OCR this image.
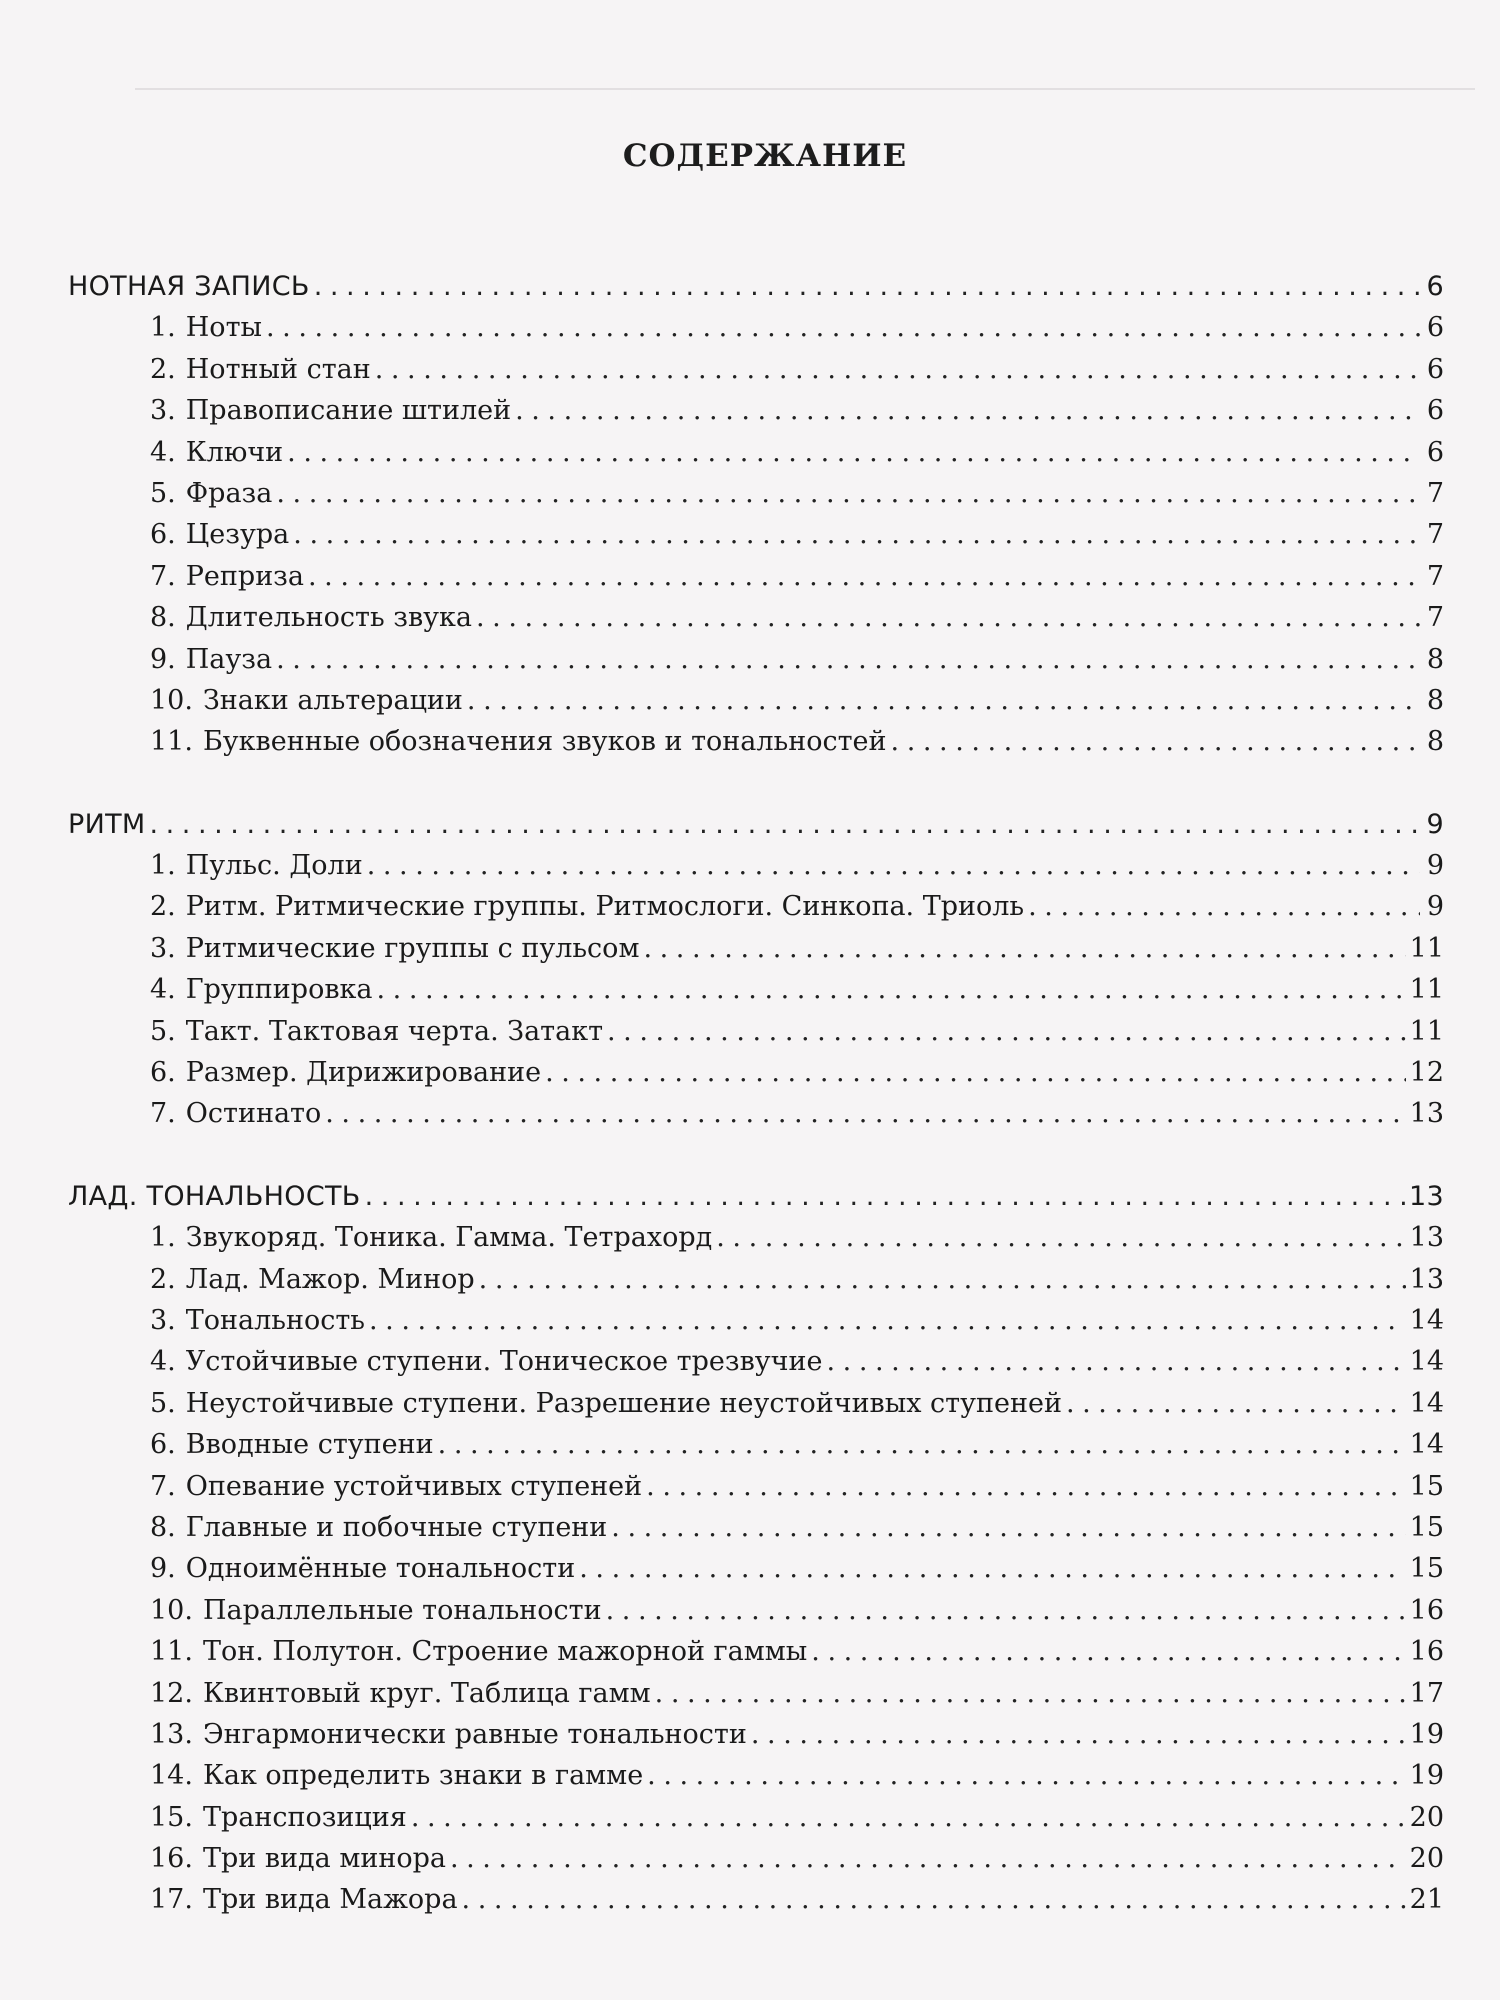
СОДЕРЖАНИЕ
НОТНАЯ ЗАПИСЬ . . .	6
1. Ноты . . .	6
2. Нотный стан . . .	6
3. Правописание штилей . . .	6
4. Ключи . . .	6
5. Фраза . . .	7
6. Цезура . . .	7
7. Реприза . . .	7
8. Длительность звука . . .	7
9. Пауза . . .	8
10. Знаки альтерации . . .	8
11. Буквенные обозначения звуков и тональностей . . .	8
РИТМ . . .	9
1. Пульс. Доли . . .	9
2. Ритм. Ритмические группы. Ритмослоги. Синкопа. Триоль . . .	9
3. Ритмические группы с пульсом . . .	11
4. Группировка . . .	11
5. Такт. Тактовая черта. Затакт . . .	11
6. Размер. Дирижирование . . .	12
7. Остинато . . .	13
ЛАД. ТОНАЛЬНОСТЬ . . .	13
1. Звукоряд. Тоника. Гамма. Тетрахорд . . .	13
2. Лад. Мажор. Минор . . .	13
3. Тональность . . .	14
4. Устойчивые ступени. Тоническое трезвучие . . .	14
5. Неустойчивые ступени. Разрешение неустойчивых ступеней . . .	14
6. Вводные ступени . . .	14
7. Опевание устойчивых ступеней . . .	15
8. Главные и побочные ступени . . .	15
9. Одноимённые тональности . . .	15
10. Параллельные тональности . . .	16
11. Тон. Полутон. Строение мажорной гаммы . . .	16
12. Квинтовый круг. Таблица гамм . . .	17
13. Энгармонически равные тональности . . .	19
14. Как определить знаки в гамме . . .	19
15. Транспозиция . . .	20
16. Три вида минора . . .	20
17. Три вида Мажора . . .	21
